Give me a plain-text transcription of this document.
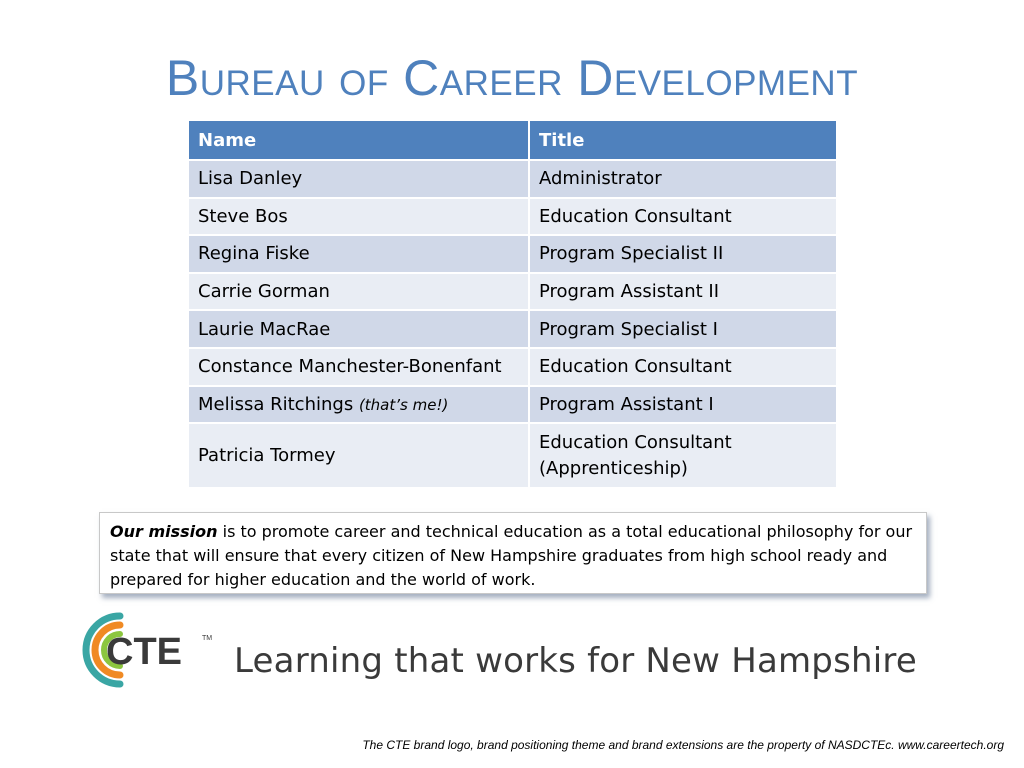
Bureau of Career Development
Name	Title
Lisa Danley	Administrator
Steve Bos	Education Consultant
Regina Fiske	Program Specialist II
Carrie Gorman	Program Assistant II
Laurie MacRae	Program Specialist I
Constance Manchester-Bonenfant	Education Consultant
Melissa Ritchings (that’s me!)	Program Assistant I
Patricia Tormey	Education Consultant
(Apprenticeship)
Our mission is to promote career and technical education as a total educational philosophy for our state that will ensure that every citizen of New Hampshire graduates from high school ready and prepared for higher education and the world of work.
CTE	TM
Learning that works for New Hampshire
The CTE brand logo, brand positioning theme and brand extensions are the property of NASDCTEc. www.careertech.org
